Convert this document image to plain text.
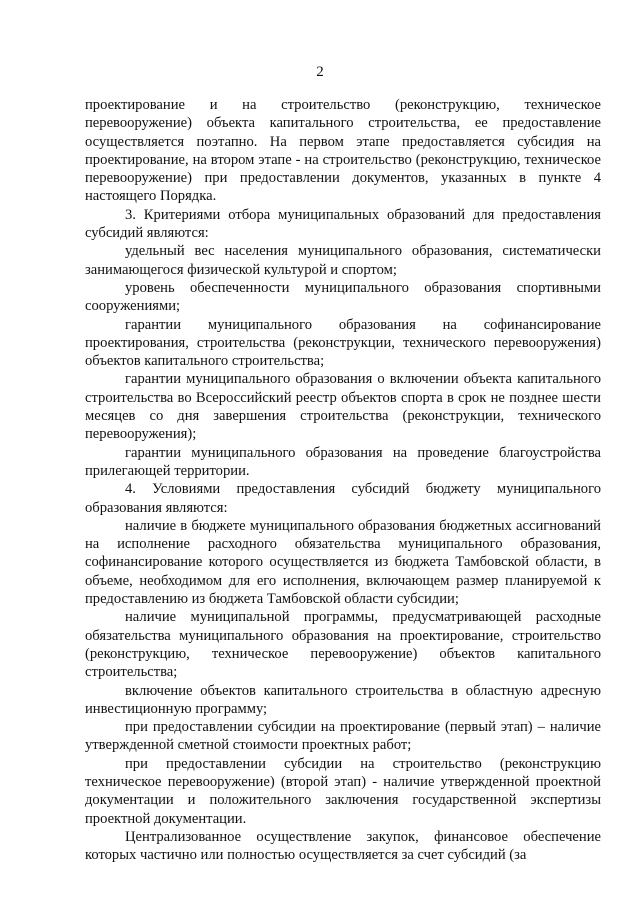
2

проектирование и на строительство (реконструкцию, техническое перевооружение) объекта капитального строительства, ее предоставление осуществляется поэтапно. На первом этапе предоставляется субсидия на проектирование, на втором этапе - на строительство (реконструкцию, техническое перевооружение) при предоставлении документов, указанных в пункте 4 настоящего Порядка.

3. Критериями отбора муниципальных образований для предоставления субсидий являются:

удельный вес населения муниципального образования, систематически занимающегося физической культурой и спортом;

уровень обеспеченности муниципального образования спортивными сооружениями;

гарантии муниципального образования на софинансирование проектирования, строительства (реконструкции, технического перевооружения) объектов капитального строительства;

гарантии муниципального образования о включении объекта капитального строительства во Всероссийский реестр объектов спорта в срок не позднее шести месяцев со дня завершения строительства (реконструкции, технического перевооружения);

гарантии муниципального образования на проведение благоустройства прилегающей территории.

4. Условиями предоставления субсидий бюджету муниципального образования являются:

наличие в бюджете муниципального образования бюджетных ассигнований на исполнение расходного обязательства муниципального образования, софинансирование которого осуществляется из бюджета Тамбовской области, в объеме, необходимом для его исполнения, включающем размер планируемой к предоставлению из бюджета Тамбовской области субсидии;

наличие муниципальной программы, предусматривающей расходные обязательства муниципального образования на проектирование, строительство (реконструкцию, техническое перевооружение) объектов капитального строительства;

включение объектов капитального строительства в областную адресную инвестиционную программу;

при предоставлении субсидии на проектирование (первый этап) – наличие утвержденной сметной стоимости проектных работ;

при предоставлении субсидии на строительство (реконструкцию техническое перевооружение) (второй этап) - наличие утвержденной проектной документации и положительного заключения государственной экспертизы проектной документации.

Централизованное осуществление закупок, финансовое обеспечение которых частично или полностью осуществляется за счет субсидий (за
